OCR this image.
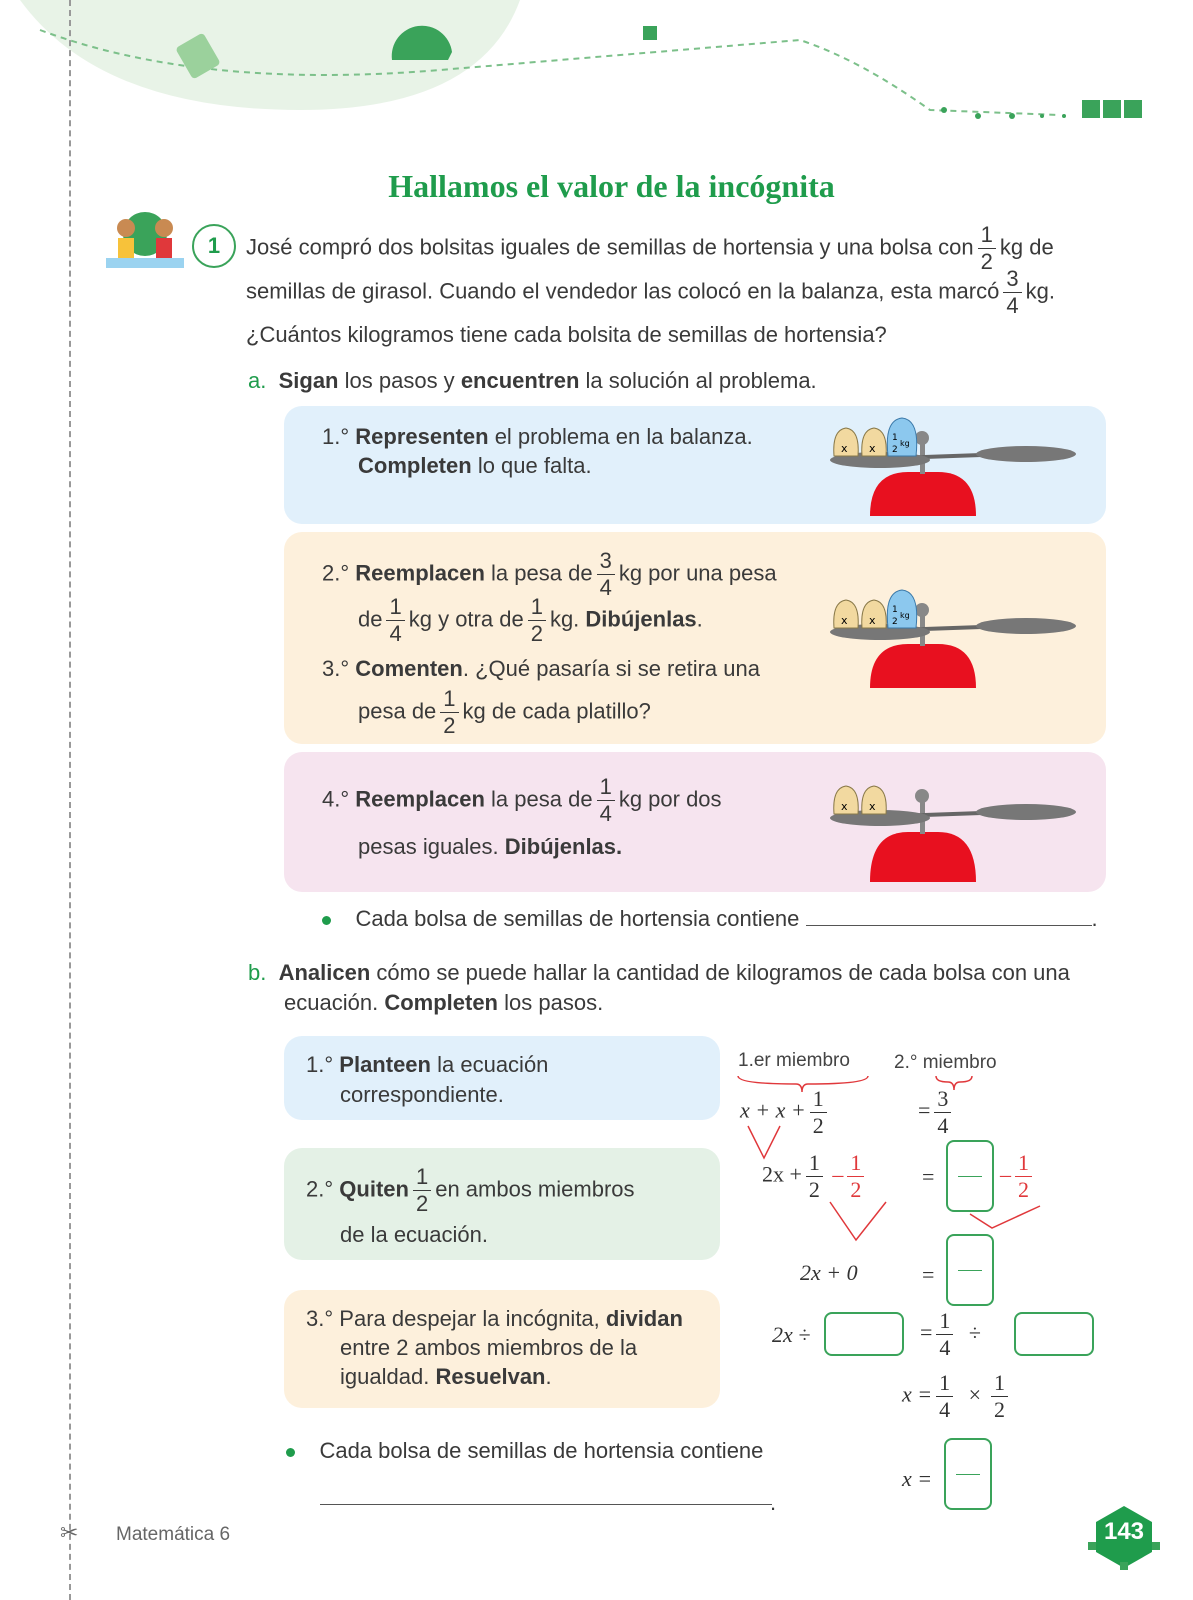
✂
Hallamos el valor de la incógnita
1	José compró dos bolsitas iguales de semillas de hortensia y una bolsa con $\frac{1}{2}$ kg de
semillas de girasol. Cuando el vendedor las colocó en la balanza, esta marcó $\frac{3}{4}$ kg.
¿Cuántos kilogramos tiene cada bolsita de semillas de hortensia?
a. Sigan los pasos y encuentren la solución al problema.
1.° Representen el problema en la balanza.
Completen lo que falta.
2.° Reemplacen la pesa de $\frac{3}{4}$ kg por una pesa
de $\frac{1}{4}$ kg y otra de $\frac{1}{2}$ kg. Dibújenlas.
3.° Comenten. ¿Qué pasaría si se retira una
pesa de $\frac{1}{2}$ kg de cada platillo?
4.° Reemplacen la pesa de $\frac{1}{4}$ kg por dos
pesas iguales. Dibújenlas.
x x
1
2
kg
x x
1
2
kg
x x
Cada bolsa de semillas de hortensia contiene	.
b. Analicen cómo se puede hallar la cantidad de kilogramos de cada bolsa con una
ecuación. Completen los pasos.
1.° Planteen la ecuación
correspondiente.
2.° Quiten $\frac{1}{2}$ en ambos miembros
de la ecuación.
3.° Para despejar la incógnita, dividan
entre 2 ambos miembros de la
igualdad. Resuelvan.
Cada bolsa de semillas de hortensia contiene
.
1.er miembro 2.° miembro
$x + x + \frac{1}{2}$	= $\frac{3}{4}$
$2x + \frac{1}{2} - \frac{1}{2}$	=	– $\frac{1}{2}$
2x + 0	=
2x ÷	= $\frac{1}{4}$ ÷
$x = \frac{1}{4} \times \frac{1}{2}$
x =
Matemática 6	143
